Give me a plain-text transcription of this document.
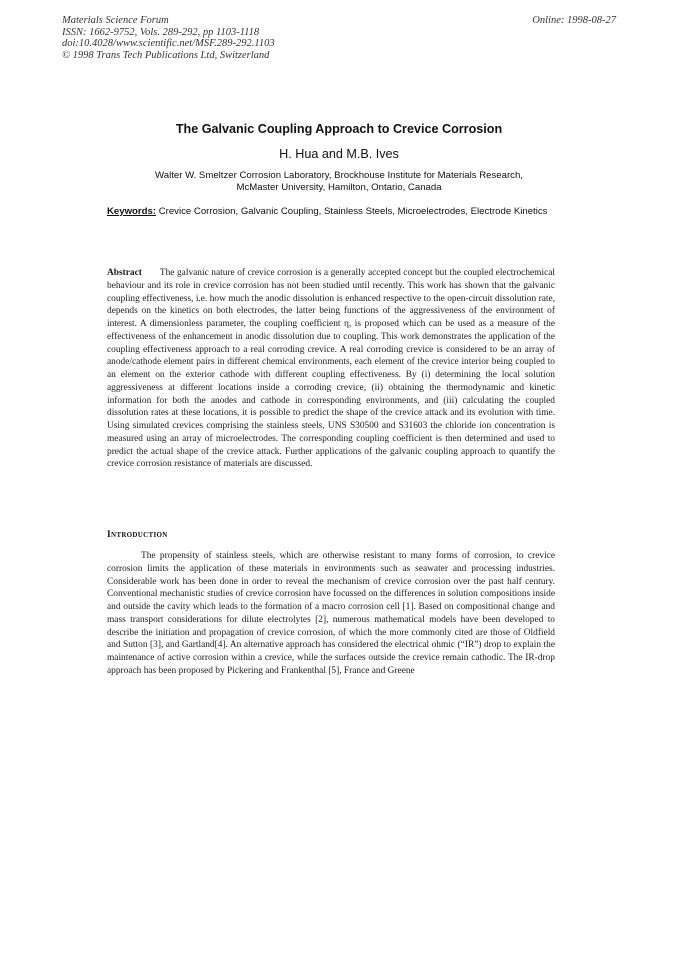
Materials Science Forum
ISSN: 1662-9752, Vols. 289-292, pp 1103-1118
doi:10.4028/www.scientific.net/MSF.289-292.1103
© 1998 Trans Tech Publications Ltd, Switzerland
Online: 1998-08-27
The Galvanic Coupling Approach to Crevice Corrosion
H. Hua and M.B. Ives
Walter W. Smeltzer Corrosion Laboratory, Brockhouse Institute for Materials Research,
McMaster University, Hamilton, Ontario, Canada
Keywords: Crevice Corrosion, Galvanic Coupling, Stainless Steels, Microelectrodes, Electrode Kinetics

Abstract The galvanic nature of crevice corrosion is a generally accepted concept but the coupled electrochemical behaviour and its role in crevice corrosion has not been studied until recently. This work has shown that the galvanic coupling effectiveness, i.e. how much the anodic dissolution is enhanced respective to the open-circuit dissolution rate, depends on the kinetics on both electrodes, the latter being functions of the aggressiveness of the environment of interest. A dimensionless parameter, the coupling coefficient η, is proposed which can be used as a measure of the effectiveness of the enhancement in anodic dissolution due to coupling. This work demonstrates the application of the coupling effectiveness approach to a real corroding crevice. A real corroding crevice is considered to be an array of anode/cathode element pairs in different chemical environments, each element of the crevice interior being coupled to an element on the exterior cathode with different coupling effectiveness. By (i) determining the local solution aggressiveness at different locations inside a corroding crevice, (ii) obtaining the thermodynamic and kinetic information for both the anodes and cathode in corresponding environments, and (iii) calculating the coupled dissolution rates at these locations, it is possible to predict the shape of the crevice attack and its evolution with time. Using simulated crevices comprising the stainless steels, UNS S30500 and S31603 the chloride ion concentration is measured using an array of microelectrodes. The corresponding coupling coefficient is then determined and used to predict the actual shape of the crevice attack. Further applications of the galvanic coupling approach to quantify the crevice corrosion resistance of materials are discussed.

Introduction

The propensity of stainless steels, which are otherwise resistant to many forms of corrosion, to crevice corrosion limits the application of these materials in environments such as seawater and processing industries. Considerable work has been done in order to reveal the mechanism of crevice corrosion over the past half century. Conventional mechanistic studies of crevice corrosion have focussed on the differences in solution compositions inside and outside the cavity which leads to the formation of a macro corrosion cell [1]. Based on compositional change and mass transport considerations for dilute electrolytes [2], numerous mathematical models have been developed to describe the initiation and propagation of crevice corrosion, of which the more commonly cited are those of Oldfield and Sutton [3], and Gartland[4]. An alternative approach has considered the electrical ohmic (“IR”) drop to explain the maintenance of active corrosion within a crevice, while the surfaces outside the crevice remain cathodic. The IR-drop approach has been proposed by Pickering and Frankenthal [5], France and Greene
